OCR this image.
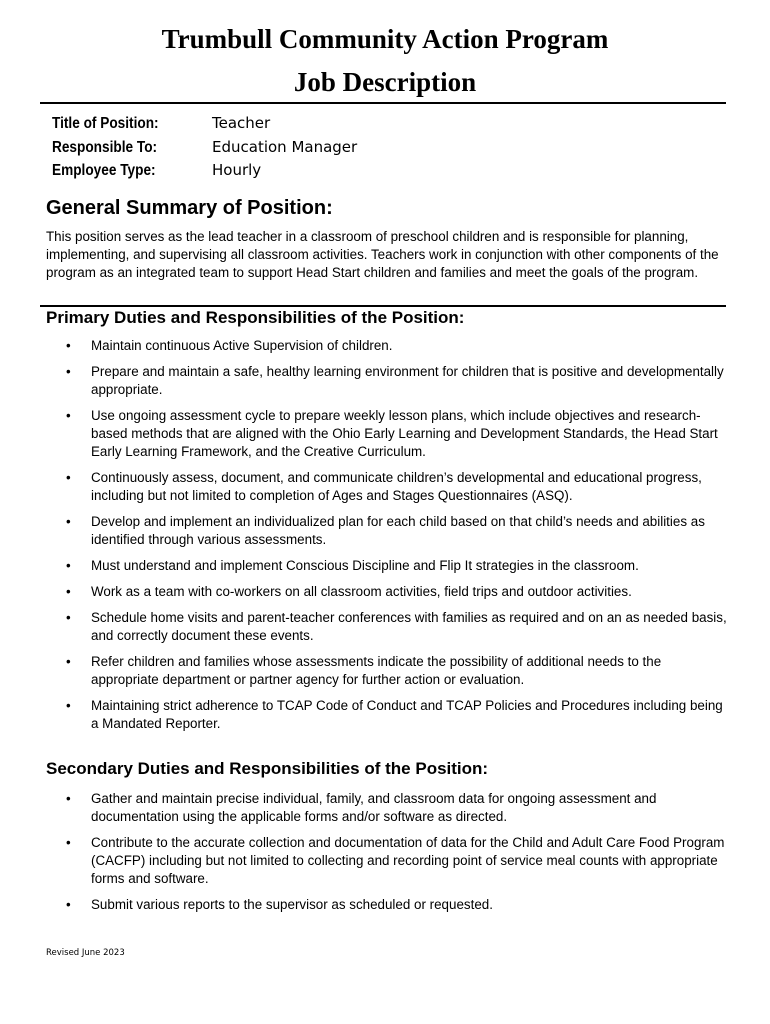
Trumbull Community Action Program
Job Description
Title of Position:	Teacher
Responsible To:	Education Manager
Employee Type:	Hourly
General Summary of Position:

This position serves as the lead teacher in a classroom of preschool children and is responsible for planning, implementing, and supervising all classroom activities. Teachers work in conjunction with other components of the program as an integrated team to support Head Start children and families and meet the goals of the program.

Primary Duties and Responsibilities of the Position:
• Maintain continuous Active Supervision of children.
• Prepare and maintain a safe, healthy learning environment for children that is positive and developmentally appropriate.
• Use ongoing assessment cycle to prepare weekly lesson plans, which include objectives and research-based methods that are aligned with the Ohio Early Learning and Development Standards, the Head Start Early Learning Framework, and the Creative Curriculum.
• Continuously assess, document, and communicate children’s developmental and educational progress, including but not limited to completion of Ages and Stages Questionnaires (ASQ).
• Develop and implement an individualized plan for each child based on that child’s needs and abilities as identified through various assessments.
• Must understand and implement Conscious Discipline and Flip It strategies in the classroom.
• Work as a team with co-workers on all classroom activities, field trips and outdoor activities.
• Schedule home visits and parent-teacher conferences with families as required and on an as needed basis, and correctly document these events.
• Refer children and families whose assessments indicate the possibility of additional needs to the appropriate department or partner agency for further action or evaluation.
• Maintaining strict adherence to TCAP Code of Conduct and TCAP Policies and Procedures including being a Mandated Reporter.
Secondary Duties and Responsibilities of the Position:
• Gather and maintain precise individual, family, and classroom data for ongoing assessment and documentation using the applicable forms and/or software as directed.
• Contribute to the accurate collection and documentation of data for the Child and Adult Care Food Program (CACFP) including but not limited to collecting and recording point of service meal counts with appropriate forms and software.
• Submit various reports to the supervisor as scheduled or requested.
Revised June 2023
